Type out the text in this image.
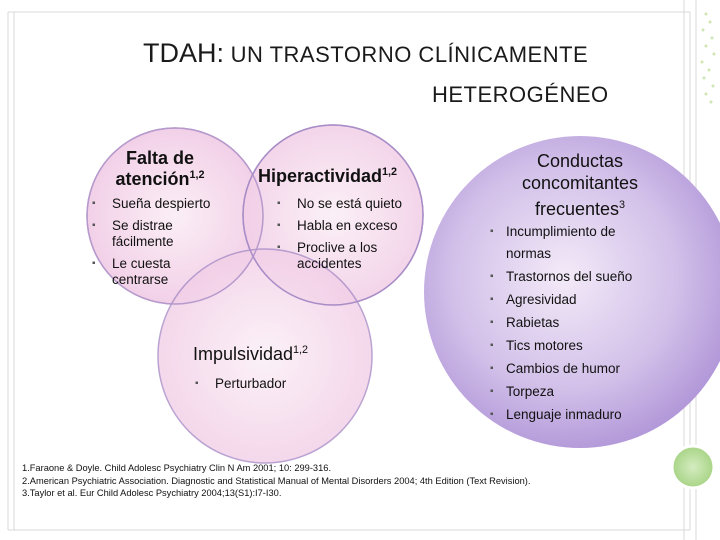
TDAH: UN TRASTORNO CLÍNICAMENTE
HETEROGÉNEO
Falta de
atención$^{1,2}$
▪ Sueña despierto
▪ Se distrae fácilmente
▪ Le cuesta centrarse
Hiperactividad$^{1,2}$
▪ No se está quieto
▪ Habla en exceso
▪ Proclive a los accidentes
Impulsividad$^{1,2}$
▪ Perturbador
Conductas
concomitantes
frecuentes$^3$
▪ Incumplimiento de normas
▪ Trastornos del sueño
▪ Agresividad
▪ Rabietas
▪ Tics motores
▪ Cambios de humor
▪ Torpeza
▪ Lenguaje inmaduro
1.Faraone & Doyle. Child Adolesc Psychiatry Clin N Am 2001; 10: 299-316.
2.American Psychiatric Association. Diagnostic and Statistical Manual of Mental Disorders 2004; 4th Edition (Text Revision).
3.Taylor et al. Eur Child Adolesc Psychiatry 2004;13(S1):I7-I30.
